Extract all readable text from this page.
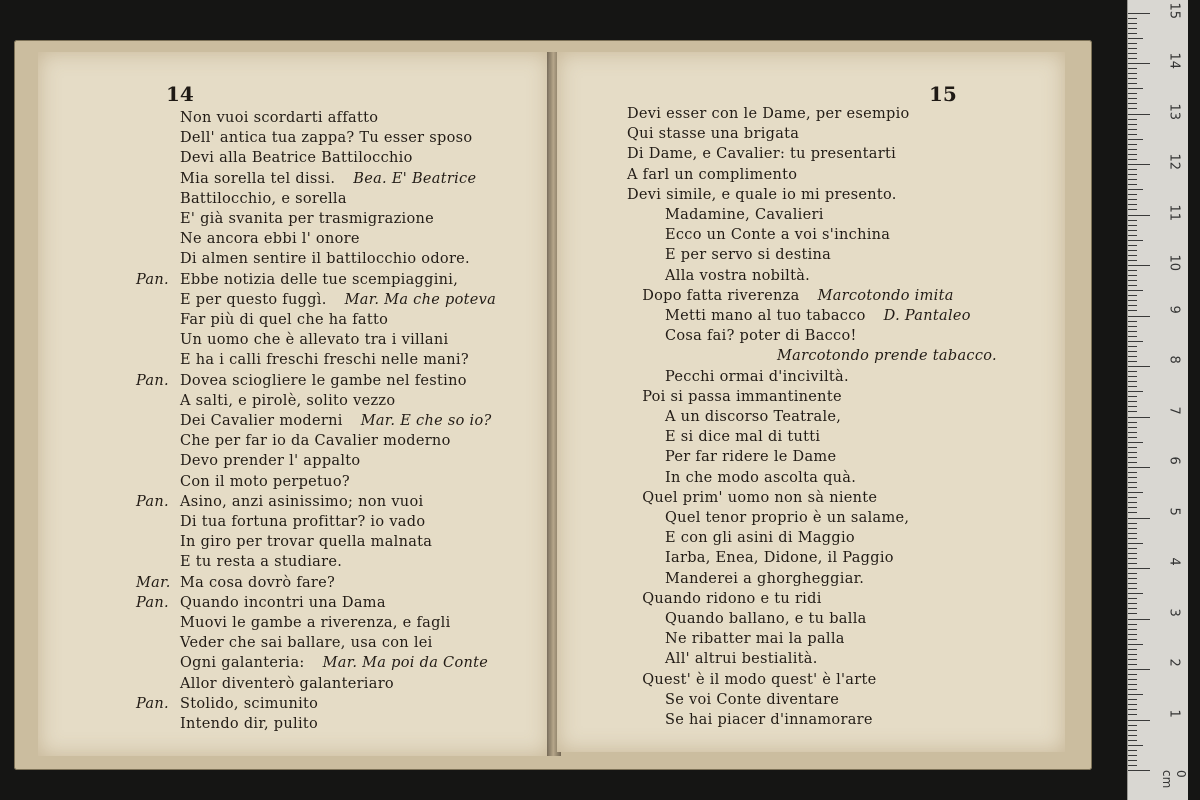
14
Non vuoi scordarti affatto
Dell' antica tua zappa? Tu esser sposo
Devi alla Beatrice Battilocchio
Mia sorella tel dissi. Bea. E' Beatrice
Battilocchio, e sorella
E' già svanita per trasmigrazione
Ne ancora ebbi l' onore
Di almen sentire il battilocchio odore.
Pan. Ebbe notizia delle tue scempiaggini,
E per questo fuggì. Mar. Ma che poteva
Far più di quel che ha fatto
Un uomo che è allevato tra i villani
E ha i calli freschi freschi nelle mani?
Pan. Dovea sciogliere le gambe nel festino
A salti, e pirolè, solito vezzo
Dei Cavalier moderni Mar. E che so io?
Che per far io da Cavalier moderno
Devo prender l' appalto
Con il moto perpetuo?
Pan. Asino, anzi asinissimo; non vuoi
Di tua fortuna profittar? io vado
In giro per trovar quella malnata
E tu resta a studiare.
Mar. Ma cosa dovrò fare?
Pan. Quando incontri una Dama
Muovi le gambe a riverenza, e fagli
Veder che sai ballare, usa con lei
Ogni galanteria: Mar. Ma poi da Conte
Allor diventerò galanteriaro
Pan. Stolido, scimunito
Intendo dir, pulito
15
Devi esser con le Dame, per esempio
Qui stasse una brigata
Di Dame, e Cavalier: tu presentarti
A farl un complimento
Devi simile, e quale io mi presento.
Madamine, Cavalieri
Ecco un Conte a voi s'inchina
E per servo si destina
Alla vostra nobiltà.
Dopo fatta riverenza Marcotondo imita
Metti mano al tuo tabacco D. Pantaleo
Cosa fai? poter di Bacco!
Marcotondo prende tabacco.
Pecchi ormai d'inciviltà.
Poi si passa immantinente
A un discorso Teatrale,
E si dice mal di tutti
Per far ridere le Dame
In che modo ascolta quà.
Quel prim' uomo non sà niente
Quel tenor proprio è un salame,
E con gli asini di Maggio
Iarba, Enea, Didone, il Paggio
Manderei a ghorgheggiar.
Quando ridono e tu ridi
Quando ballano, e tu balla
Ne ribatter mai la palla
All' altrui bestialità.
Quest' è il modo quest' è l'arte
Se voi Conte diventare
Se hai piacer d'innamorare
0 cm
15
14
13
12
11
10
9
8
7
6
5
4
3
2
1
